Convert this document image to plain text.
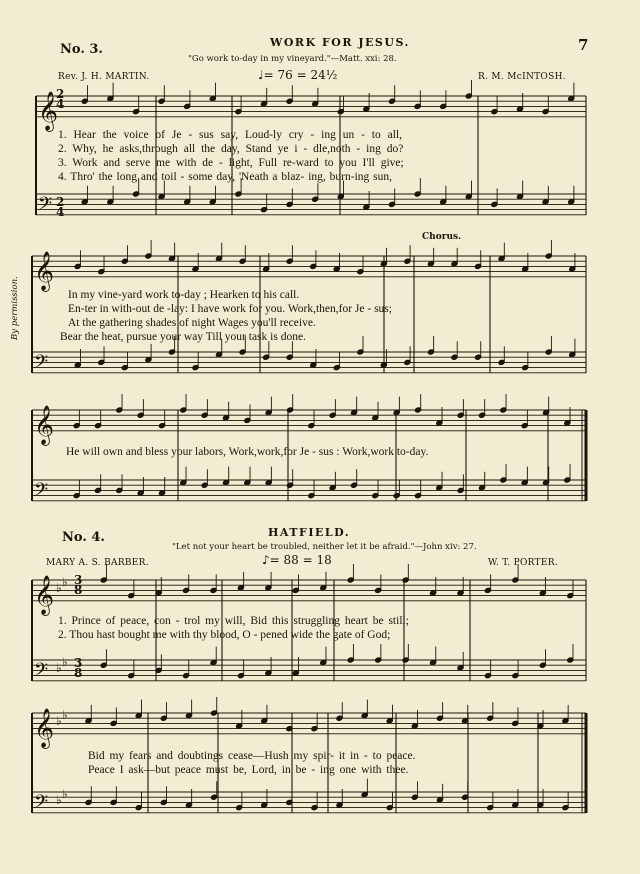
7
No. 3.	WORK FOR JESUS.
"Go work to-day in my vineyard."—Matt. xxi: 28.
Rev. J. H. MARTIN.	♩= 76 = 24½	R. M. McINTOSH.
By permission.
𝄞
𝄢
𝄞
𝄢
𝄞
𝄢
𝄞
𝄢
♭ ♭
♭ ♭
𝄞
𝄢
♭ ♭
♭ ♭
2
4
2
4
1. Hear the voice of Je - sus say, Loud-ly cry - ing un - to all,
2. Why, he asks,through all the day, Stand ye i - dle,noth - ing do?
3. Work and serve me with de - light, Full re-ward to you I'll give;
4. Thro' the long and toil - some day, 'Neath a blaz- ing, burn-ing sun,
Chorus.
In my vine-yard work to-day ; Hearken to his call.
En-ter in with-out de -lay: I have work for you. Work,then,for Je - sus;
At the gathering shades of night Wages you'll receive.
Bear the heat, pursue your way Till your task is done.
He will own and bless your labors, Work,work,for Je - sus : Work,work to-day.
No. 4.	HATFIELD.
"Let not your heart be troubled, neither let it be afraid."—John xiv: 27.
MARY A. S. BARBER.	♪= 88 = 18	W. T. PORTER.
3
8
3
8
1. Prince of peace, con - trol my will, Bid this struggling heart be still;
2. Thou hast bought me with thy blood, O - pened wide the gate of God;
Bid my fears and doubtings cease—Hush my spir- it in - to peace.
Peace I ask—but peace must be, Lord, in be - ing one with thee.
